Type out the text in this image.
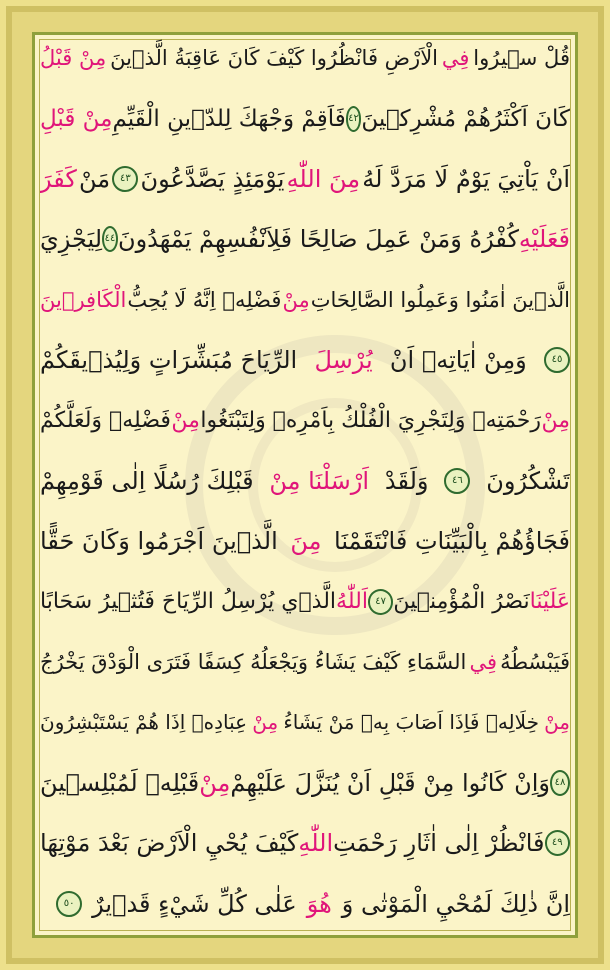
قُلْ سٖيرُوا
فِي
الْاَرْضِ فَانْظُرُوا كَيْفَ كَانَ عَاقِبَةُ الَّذٖينَ
مِنْ قَبْلُ
كَانَ اَكْثَرُهُمْ مُشْرِكٖينَ
٤٢
فَاَقِمْ وَجْهَكَ لِلدّٖينِ الْقَيِّمِ
مِنْ قَبْلِ
اَنْ يَاْتِيَ يَوْمٌ لَا مَرَدَّ لَهُ
مِنَ اللّٰهِ
يَوْمَئِذٍ يَصَّدَّعُونَ
٤٣
مَنْ
كَفَرَ
فَعَلَيْهِ
كُفْرُهُ وَمَنْ عَمِلَ صَالِحًا فَلِاَنْفُسِهِمْ يَمْهَدُونَ
٤٤
لِيَجْزِيَ
الَّذٖينَ اٰمَنُوا وَعَمِلُوا الصَّالِحَاتِ
مِنْ
فَضْلِهٖ اِنَّهُ لَا يُحِبُّ
الْكَافِرٖينَ
٤٥
وَمِنْ اٰيَاتِهٖ اَنْ
يُرْسِلَ
الرِّيَاحَ مُبَشِّرَاتٍ وَلِيُذٖيقَكُمْ
مِنْ
رَحْمَتِهٖ وَلِتَجْرِيَ الْفُلْكُ بِاَمْرِهٖ وَلِتَبْتَغُوا
مِنْ
فَضْلِهٖ وَلَعَلَّكُمْ
تَشْكُرُونَ
٤٦
وَلَقَدْ
اَرْسَلْنَا مِنْ
قَبْلِكَ رُسُلًا اِلٰى قَوْمِهِمْ
فَجَاؤُهُمْ بِالْبَيِّنَاتِ فَانْتَقَمْنَا
مِنَ
الَّذٖينَ اَجْرَمُوا وَكَانَ حَقًّا
عَلَيْنَا
نَصْرُ الْمُؤْمِنٖينَ
٤٧
اَللّٰهُ
الَّذٖي يُرْسِلُ الرِّيَاحَ فَتُثٖيرُ سَحَابًا
فَيَبْسُطُهُ
فِي
السَّمَاءِ كَيْفَ يَشَاءُ وَيَجْعَلُهُ كِسَفًا فَتَرَى الْوَدْقَ يَخْرُجُ
مِنْ
خِلَالِهٖ فَاِذَا اَصَابَ بِهٖ مَنْ يَشَاءُ
مِنْ
عِبَادِهٖ اِذَا هُمْ يَسْتَبْشِرُونَ
٤٨
وَاِنْ كَانُوا مِنْ قَبْلِ اَنْ يُنَزَّلَ عَلَيْهِمْ
مِنْ
قَبْلِهٖ لَمُبْلِسٖينَ
٤٩
فَانْظُرْ اِلٰى اٰثَارِ رَحْمَتِ
اللّٰهِ
كَيْفَ يُحْيِ الْاَرْضَ بَعْدَ مَوْتِهَا
اِنَّ ذٰلِكَ لَمُحْيِ الْمَوْتٰى وَ
هُوَ
عَلٰى كُلِّ شَيْءٍ قَدٖيرٌ
٥٠
